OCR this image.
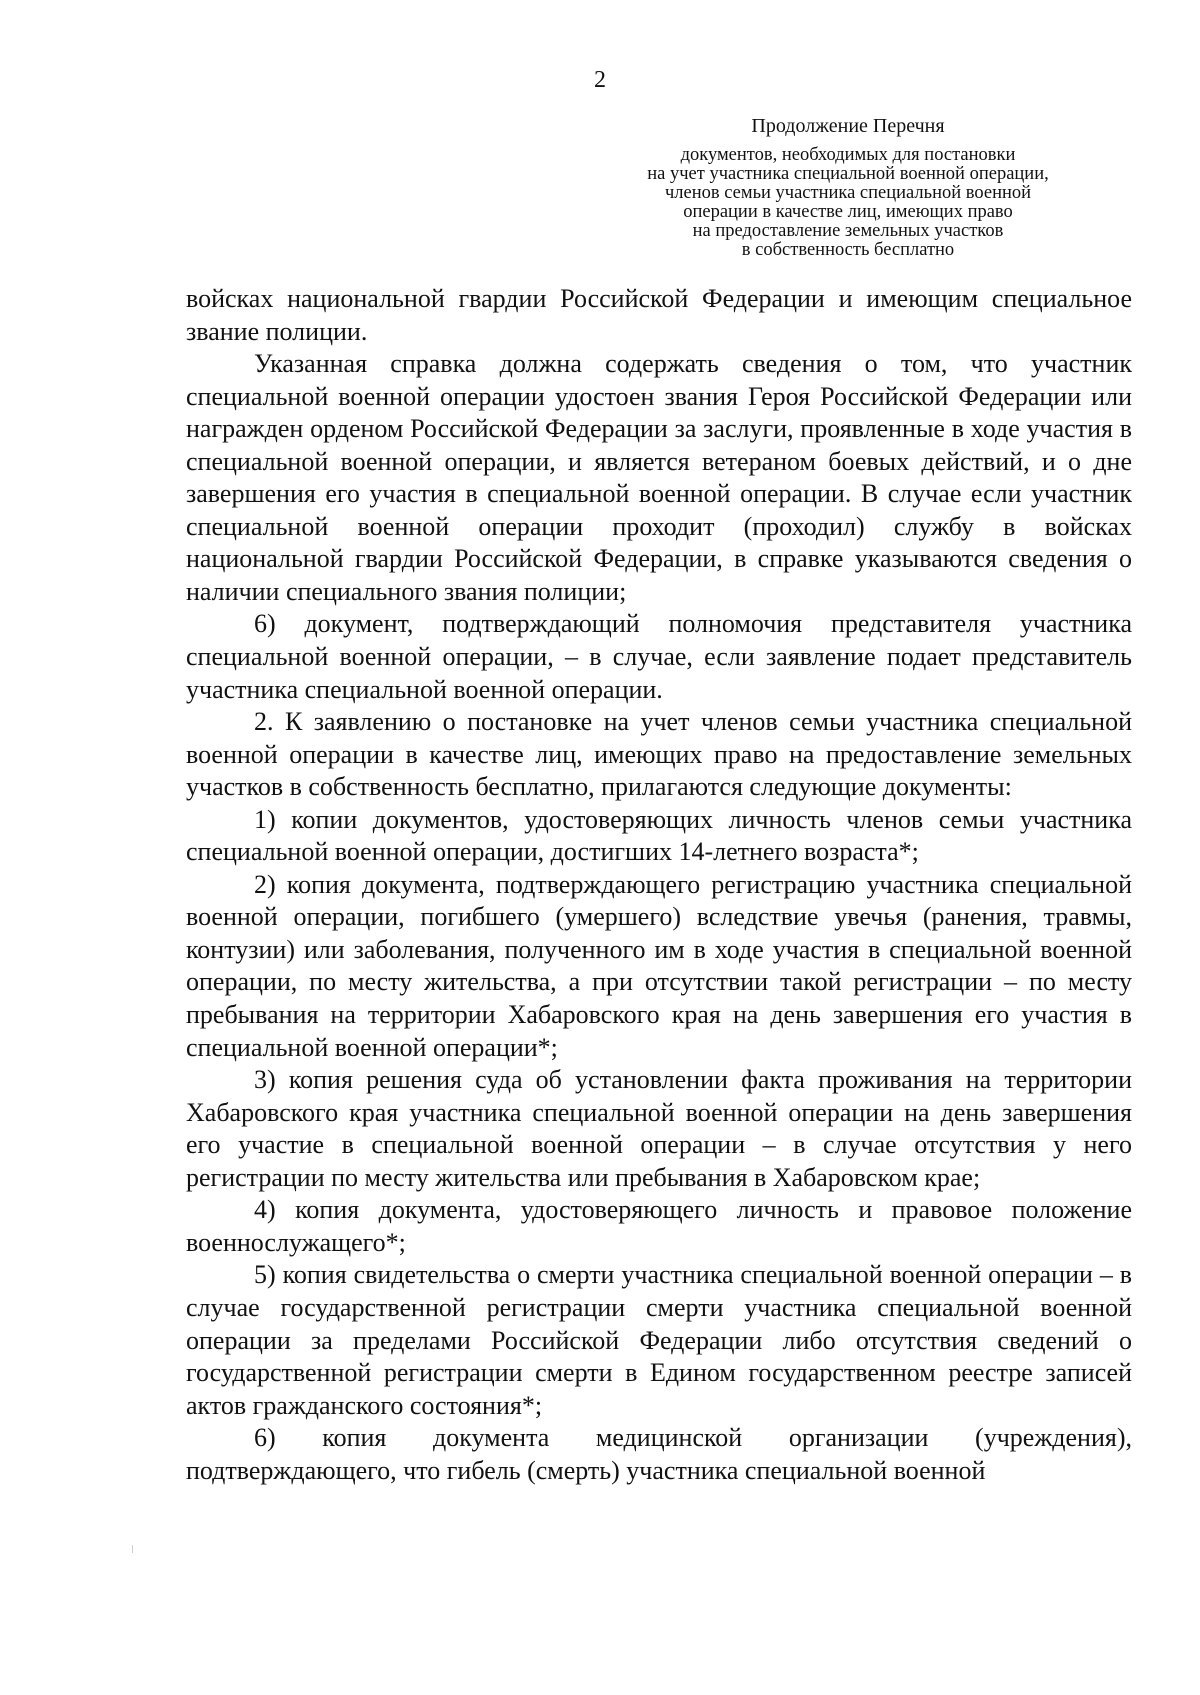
2
Продолжение Перечня
документов, необходимых для постановки
на учет участника специальной военной операции,
членов семьи участника специальной военной
операции в качестве лиц, имеющих право
на предоставление земельных участков
в собственность бесплатно

войсках национальной гвардии Российской Федерации и имеющим специальное звание полиции.

Указанная справка должна содержать сведения о том, что участник специальной военной операции удостоен звания Героя Российской Федерации или награжден орденом Российской Федерации за заслуги, проявленные в ходе участия в специальной военной операции, и является ветераном боевых действий, и о дне завершения его участия в специальной военной операции. В случае если участник специальной военной операции проходит (проходил) службу в войсках национальной гвардии Российской Федерации, в справке указываются сведения о наличии специального звания полиции;

6) документ, подтверждающий полномочия представителя участника специальной военной операции, – в случае, если заявление подает представитель участника специальной военной операции.

2. К заявлению о постановке на учет членов семьи участника специальной военной операции в качестве лиц, имеющих право на предоставление земельных участков в собственность бесплатно, прилагаются следующие документы:

1) копии документов, удостоверяющих личность членов семьи участника специальной военной операции, достигших 14-летнего возраста*;

2) копия документа, подтверждающего регистрацию участника специальной военной операции, погибшего (умершего) вследствие увечья (ранения, травмы, контузии) или заболевания, полученного им в ходе участия в специальной военной операции, по месту жительства, а при отсутствии такой регистрации – по месту пребывания на территории Хабаровского края на день завершения его участия в специальной военной операции*;

3) копия решения суда об установлении факта проживания на территории Хабаровского края участника специальной военной операции на день завершения его участие в специальной военной операции – в случае отсутствия у него регистрации по месту жительства или пребывания в Хабаровском крае;

4) копия документа, удостоверяющего личность и правовое положение военнослужащего*;

5) копия свидетельства о смерти участника специальной военной операции – в случае государственной регистрации смерти участника специальной военной операции за пределами Российской Федерации либо отсутствия сведений о государственной регистрации смерти в Едином государственном реестре записей актов гражданского состояния*;

6) копия документа медицинской организации (учреждения), подтверждающего, что гибель (смерть) участника специальной военной
